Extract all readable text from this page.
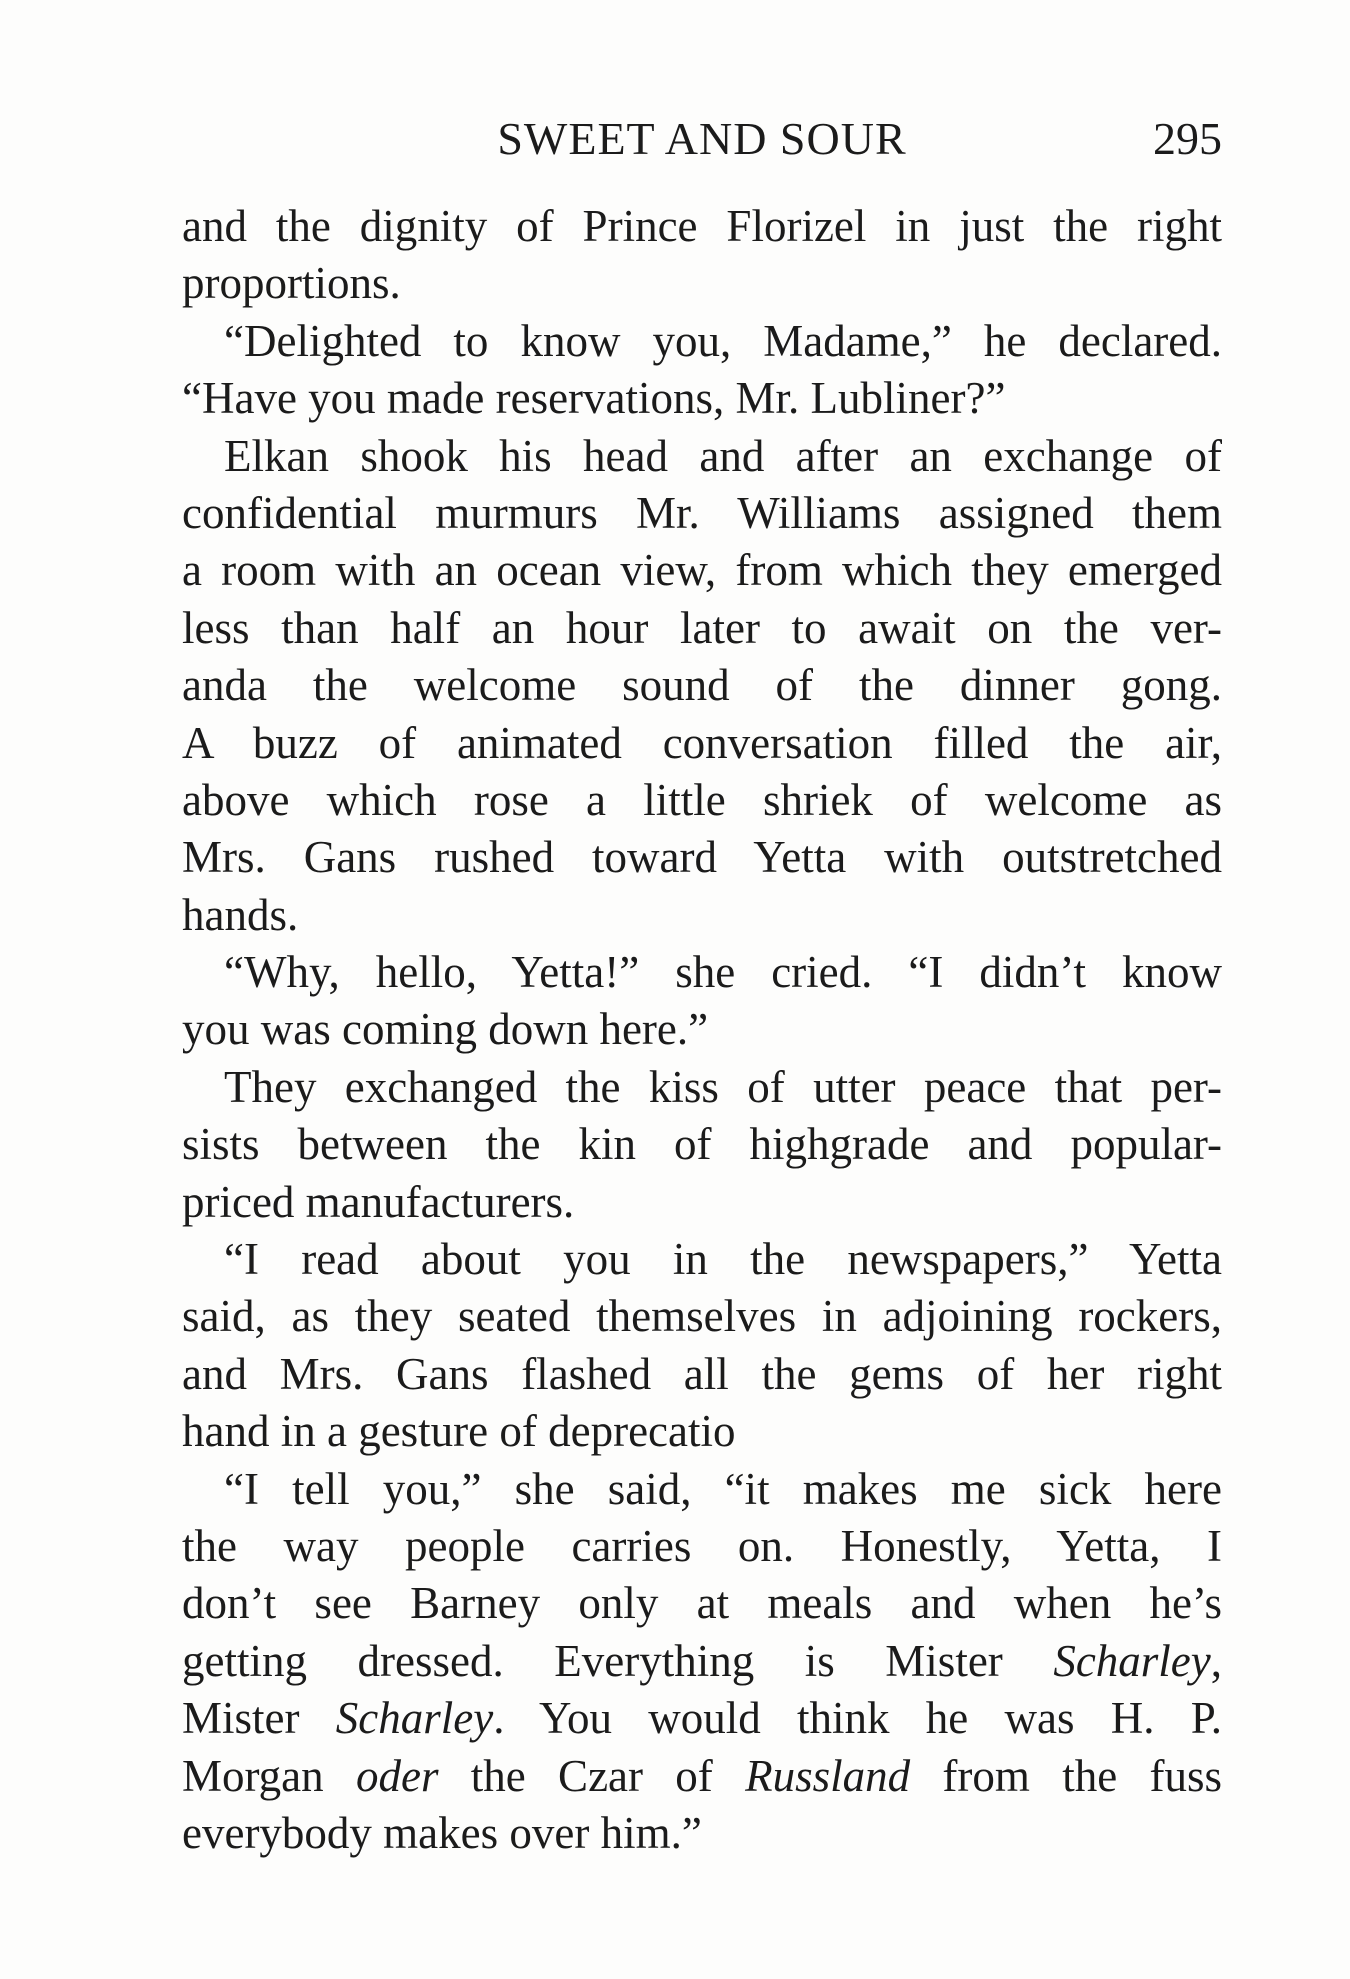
SWEET AND SOUR	295
and the dignity of Prince Florizel in just the right
proportions.
“Delighted to know you, Madame,” he declared.
“Have you made reservations, Mr. Lubliner?”
Elkan shook his head and after an exchange of
confidential murmurs Mr. Williams assigned them
a room with an ocean view, from which they emerged
less than half an hour later to await on the ver-
anda the welcome sound of the dinner gong.
A buzz of animated conversation filled the air,
above which rose a little shriek of welcome as
Mrs. Gans rushed toward Yetta with outstretched
hands.
“Why, hello, Yetta!” she cried. “I didn’t know
you was coming down here.”
They exchanged the kiss of utter peace that per-
sists between the kin of highgrade and popular-
priced manufacturers.
“I read about you in the newspapers,” Yetta
said, as they seated themselves in adjoining rockers,
and Mrs. Gans flashed all the gems of her right
hand in a gesture of deprecatio
“I tell you,” she said, “it makes me sick here
the way people carries on. Honestly, Yetta, I
don’t see Barney only at meals and when he’s
getting dressed. Everything is Mister Scharley,
Mister Scharley. You would think he was H. P.
Morgan oder the Czar of Russland from the fuss
everybody makes over him.”
